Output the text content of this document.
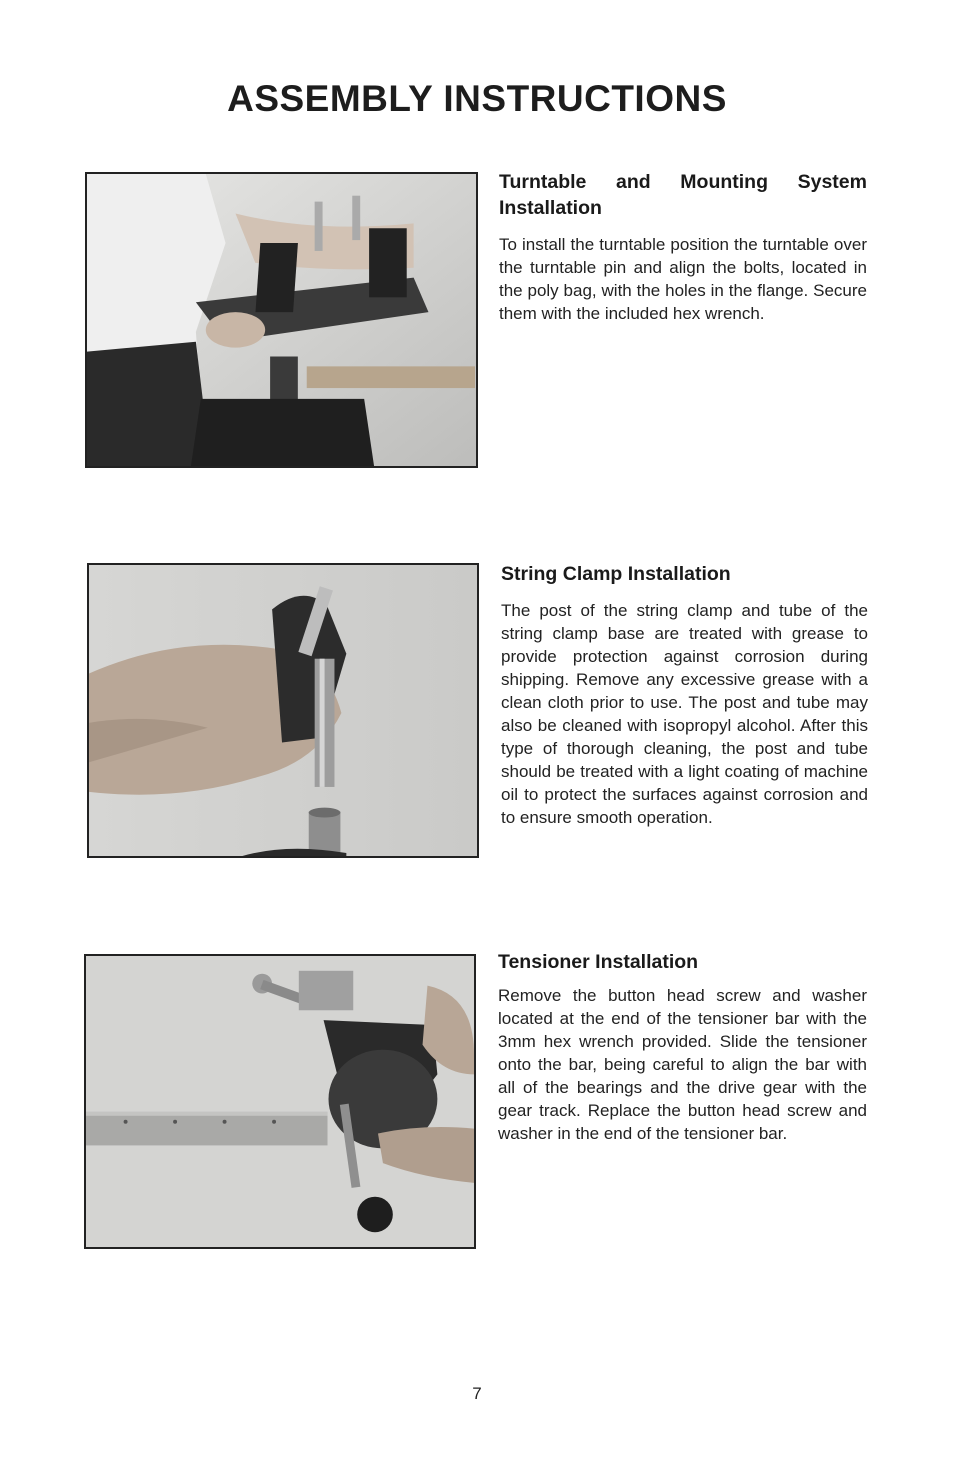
ASSEMBLY INSTRUCTIONS
Turntable and Mounting System Installation

To install the turntable position the turntable over the turntable pin and align the bolts, located in the poly bag, with the holes in the flange. Secure them with the included hex wrench.

String Clamp Installation

The post of the string clamp and tube of the string clamp base are treated with grease to provide protection against corrosion during shipping. Remove any excessive grease with a clean cloth prior to use. The post and tube may also be cleaned with isopropyl alcohol. After this type of thorough cleaning, the post and tube should be treated with a light coating of machine oil to protect the surfaces against corrosion and to ensure smooth operation.

Tensioner Installation

Remove the button head screw and washer located at the end of the tensioner bar with the 3mm hex wrench provided. Slide the tensioner onto the bar, being careful to align the bar with all of the bearings and the drive gear with the gear track. Replace the button head screw and washer in the end of the tensioner bar.

7
